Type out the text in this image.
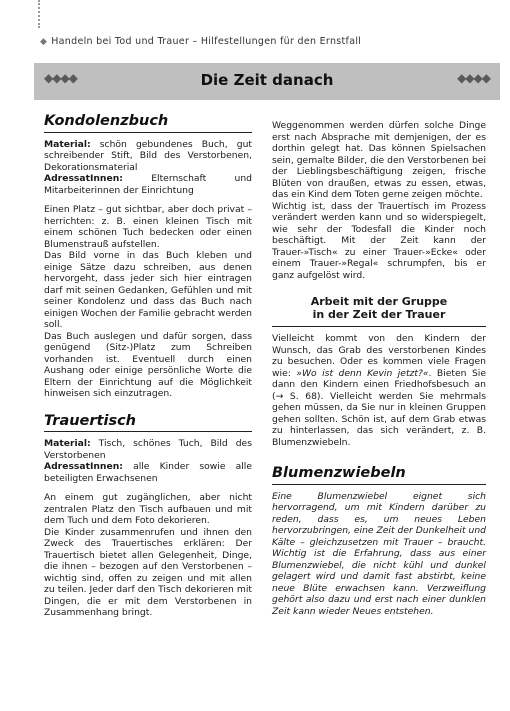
◆ Handeln bei Tod und Trauer – Hilfestellungen für den Ernstfall
◆◆◆◆	Die Zeit danach	◆◆◆◆
Kondolenzbuch

Material: schön gebundenes Buch, gut schreibender Stift, Bild des Verstorbenen, Dekorationsmaterial

AdressatInnen:	Elternschaft und Mitarbeiterinnen der Einrichtung

Einen Platz – gut sichtbar, aber doch privat – herrichten: z. B. einen kleinen Tisch mit einem schönen Tuch bedecken oder einen Blumenstrauß aufstellen.

Das Bild vorne in das Buch kleben und einige Sätze dazu schreiben, aus denen hervorgeht, dass jeder sich hier eintragen darf mit seinen Gedanken, Gefühlen und mit seiner Kondolenz und dass das Buch nach einigen Wochen der Familie gebracht werden soll.

Das Buch auslegen und dafür sorgen, dass genügend (Sitz-)Platz zum Schreiben vorhanden ist. Eventuell durch einen Aushang oder einige persönliche Worte die Eltern der Einrichtung auf die Möglichkeit hinweisen sich einzutragen.

Trauertisch

Material: Tisch, schönes Tuch, Bild des Verstorbenen

AdressatInnen: alle Kinder sowie alle beteiligten Erwachsenen

An einem gut zugänglichen, aber nicht zentralen Platz den Tisch aufbauen und mit dem Tuch und dem Foto dekorieren.

Die Kinder zusammenrufen und ihnen den Zweck des Trauertisches erklären: Der Trauertisch bietet allen Gelegenheit, Dinge, die ihnen – bezogen auf den Verstorbenen – wichtig sind, offen zu zeigen und mit allen zu teilen. Jeder darf den Tisch dekorieren mit Dingen, die er mit dem Verstorbenen in Zusammenhang bringt.

Weggenommen werden dürfen solche Dinge erst nach Absprache mit demjenigen, der es dorthin gelegt hat. Das können Spielsachen sein, gemalte Bilder, die den Verstorbenen bei der Lieblingsbeschäftigung zeigen, frische Blüten von draußen, etwas zu essen, etwas, das ein Kind dem Toten gerne zeigen möchte.

Wichtig ist, dass der Trauertisch im Prozess verändert werden kann und so widerspiegelt, wie sehr der Todesfall die Kinder noch beschäftigt. Mit der Zeit kann der Trauer-»Tisch« zu einer Trauer-»Ecke« oder einem Trauer-»Regal« schrumpfen, bis er ganz aufgelöst wird.

Arbeit mit der Gruppe
in der Zeit der Trauer

Vielleicht kommt von den Kindern der Wunsch, das Grab des verstorbenen Kindes zu besuchen. Oder es kommen viele Fragen wie: »Wo ist denn Kevin jetzt?«. Bieten Sie dann den Kindern einen Friedhofsbesuch an (→ S. 68). Vielleicht werden Sie mehrmals gehen müssen, da Sie nur in kleinen Gruppen gehen sollten. Schön ist, auf dem Grab etwas zu hinterlassen, das sich verändert, z. B. Blumenzwiebeln.

Blumenzwiebeln

Eine Blumenzwiebel eignet sich hervorragend, um mit Kindern darüber zu reden, dass es, um neues Leben hervorzubringen, eine Zeit der Dunkelheit und Kälte – gleichzusetzen mit Trauer – braucht. Wichtig ist die Erfahrung, dass aus einer Blumenzwiebel, die nicht kühl und dunkel gelagert wird und damit fast abstirbt, keine neue Blüte erwachsen kann. Verzweiflung gehört also dazu und erst nach einer dunklen Zeit kann wieder Neues entstehen.
